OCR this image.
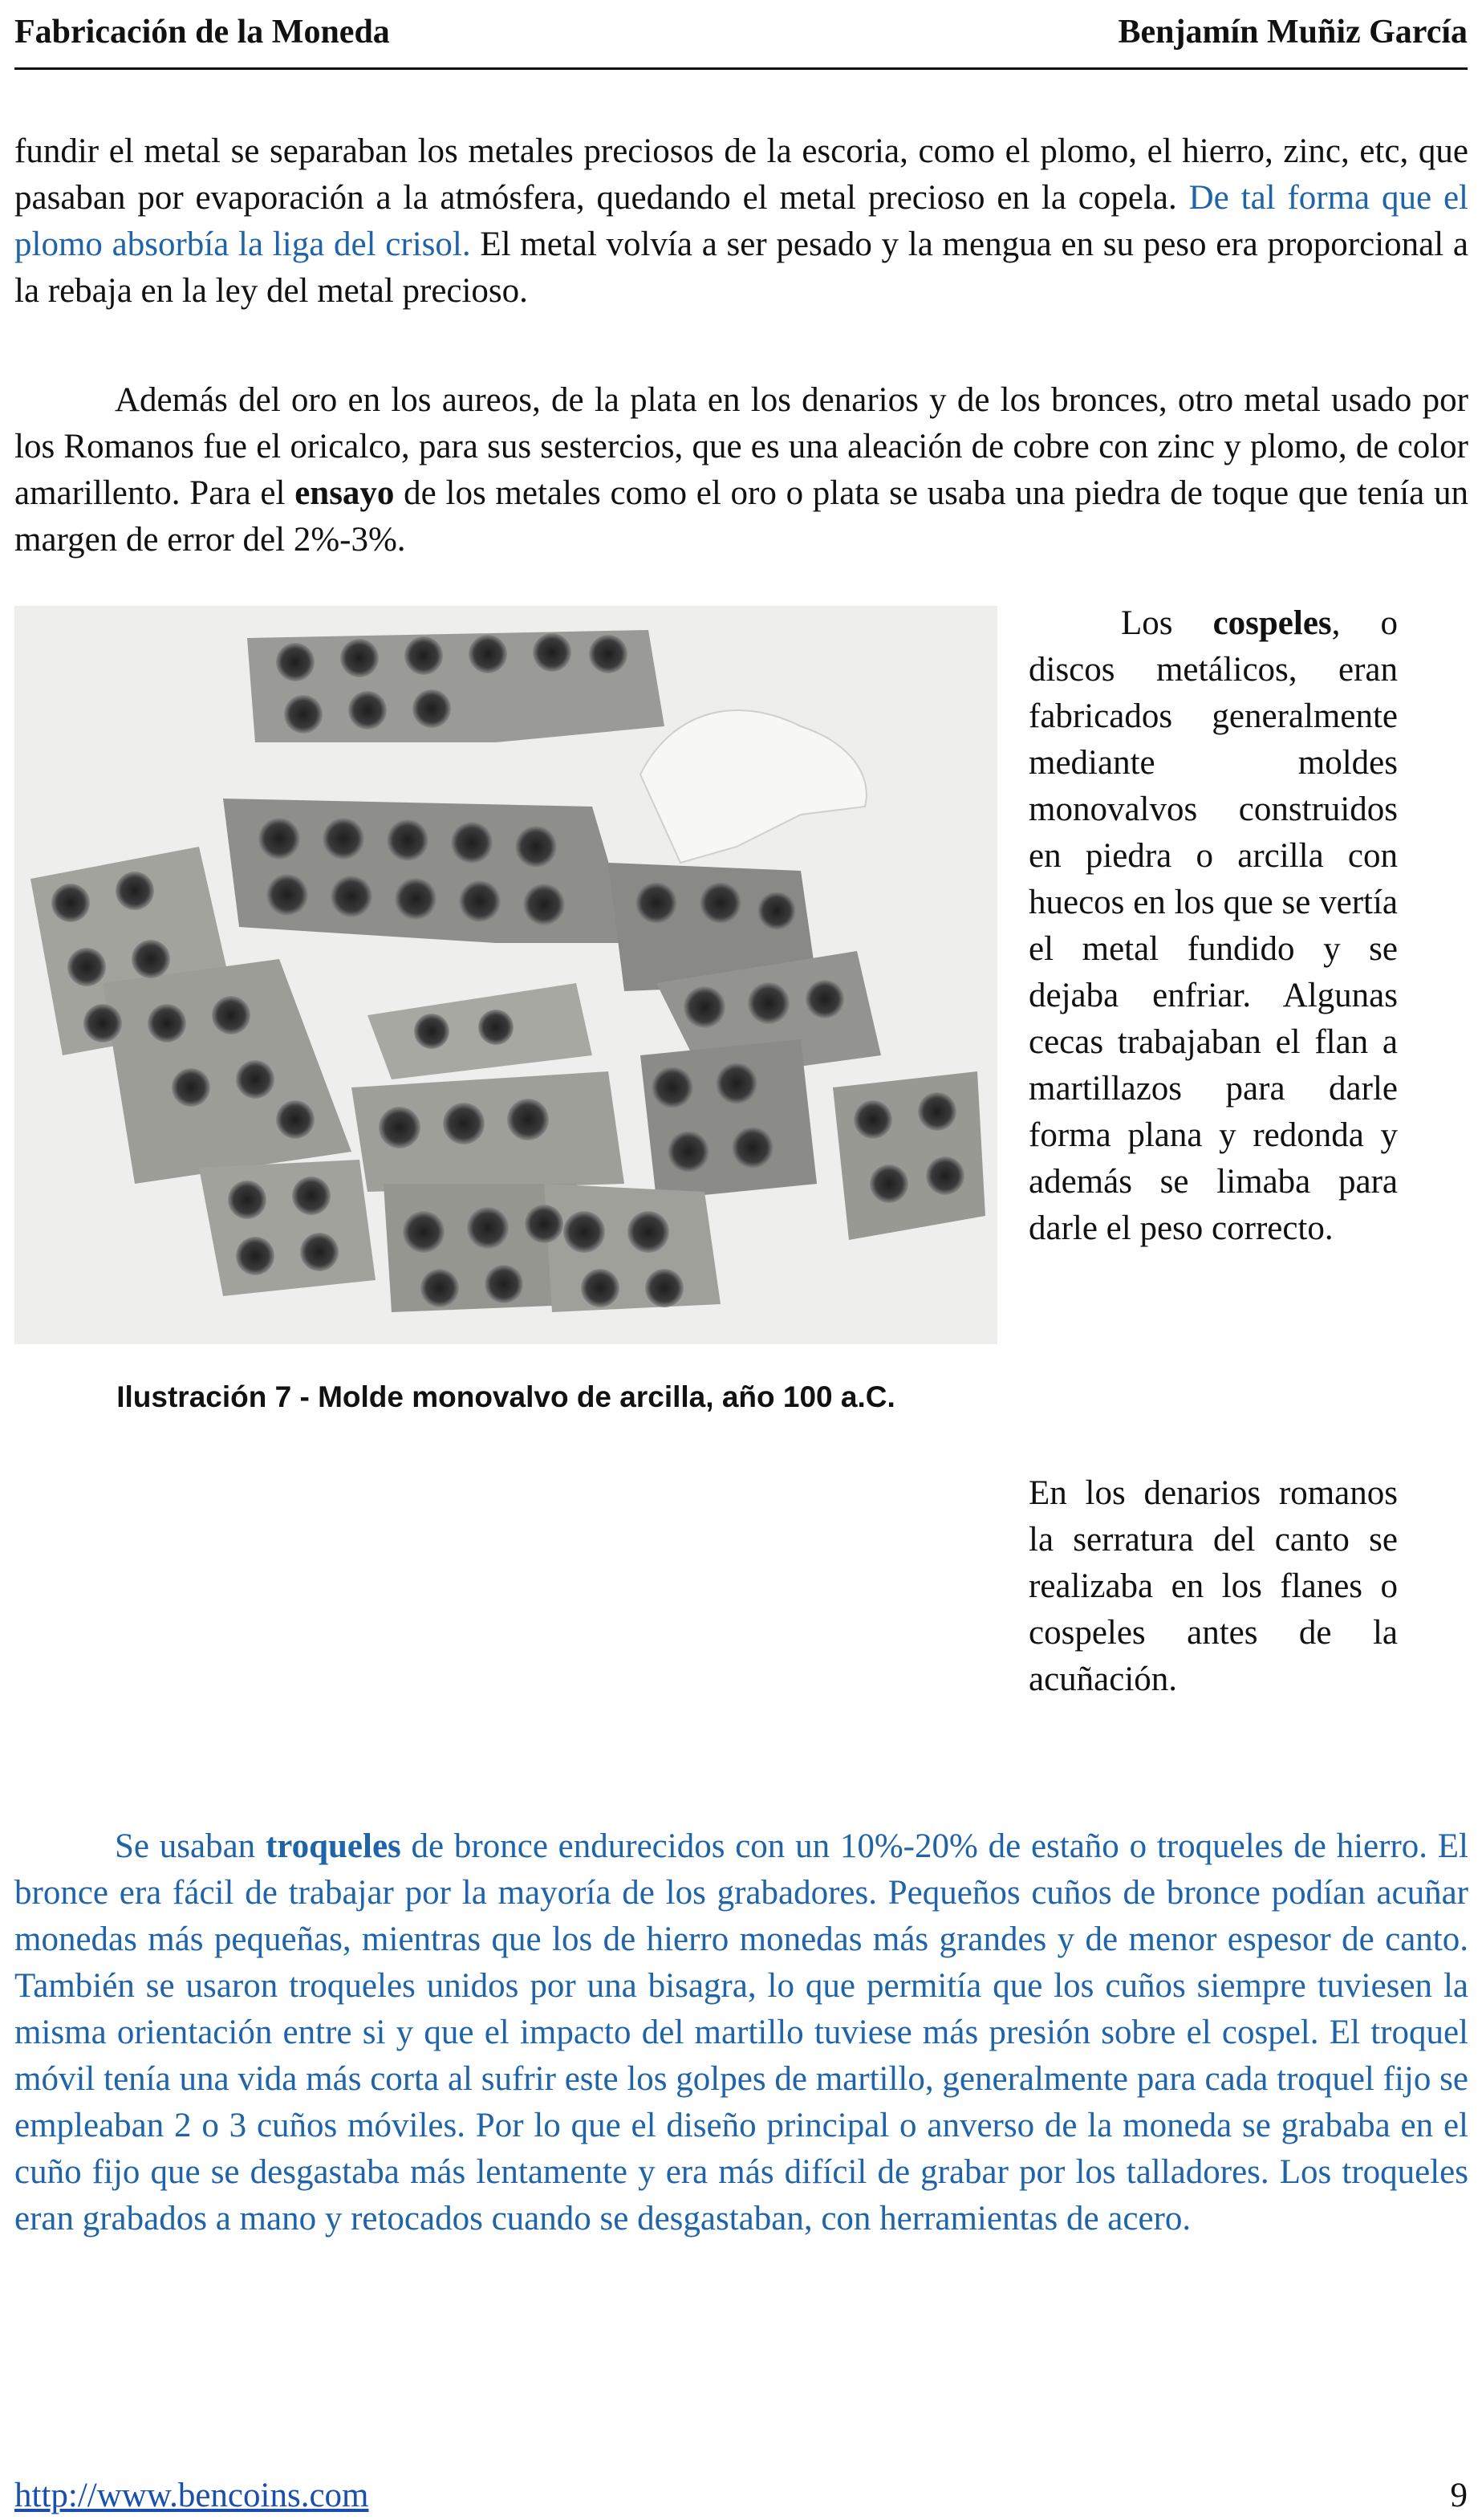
Fabricación de la Moneda	Benjamín Muñiz García

fundir el metal se separaban los metales preciosos de la escoria, como el plomo, el hierro, zinc, etc, que pasaban por evaporación a la atmósfera, quedando el metal precioso en la copela. De tal forma que el plomo absorbía la liga del crisol. El metal volvía a ser pesado y la mengua en su peso era proporcional a la rebaja en la ley del metal precioso.

Además del oro en los aureos, de la plata en los denarios y de los bronces, otro metal usado por los Romanos fue el oricalco, para sus sestercios, que es una aleación de cobre con zinc y plomo, de color amarillento. Para el ensayo de los metales como el oro o plata se usaba una piedra de toque que tenía un margen de error del 2%-3%.

Ilustración 7 - Molde monovalvo de arcilla, año 100 a.C.

Los cospeles, o discos metálicos, eran fabricados generalmente mediante moldes monovalvos construidos en piedra o arcilla con huecos en los que se vertía el metal fundido y se dejaba enfriar. Algunas cecas trabajaban el flan a martillazos para darle forma plana y redonda y además se limaba para darle el peso correcto.

En los denarios romanos la serratura del canto se realizaba en los flanes o cospeles antes de la acuñación.

Se usaban troqueles de bronce endurecidos con un 10%-20% de estaño o troqueles de hierro. El bronce era fácil de trabajar por la mayoría de los grabadores. Pequeños cuños de bronce podían acuñar monedas más pequeñas, mientras que los de hierro monedas más grandes y de menor espesor de canto. También se usaron troqueles unidos por una bisagra, lo que permitía que los cuños siempre tuviesen la misma orientación entre si y que el impacto del martillo tuviese más presión sobre el cospel. El troquel móvil tenía una vida más corta al sufrir este los golpes de martillo, generalmente para cada troquel fijo se empleaban 2 o 3 cuños móviles. Por lo que el diseño principal o anverso de la moneda se grababa en el cuño fijo que se desgastaba más lentamente y era más difícil de grabar por los talladores. Los troqueles eran grabados a mano y retocados cuando se desgastaban, con herramientas de acero.

http://www.bencoins.com	9
